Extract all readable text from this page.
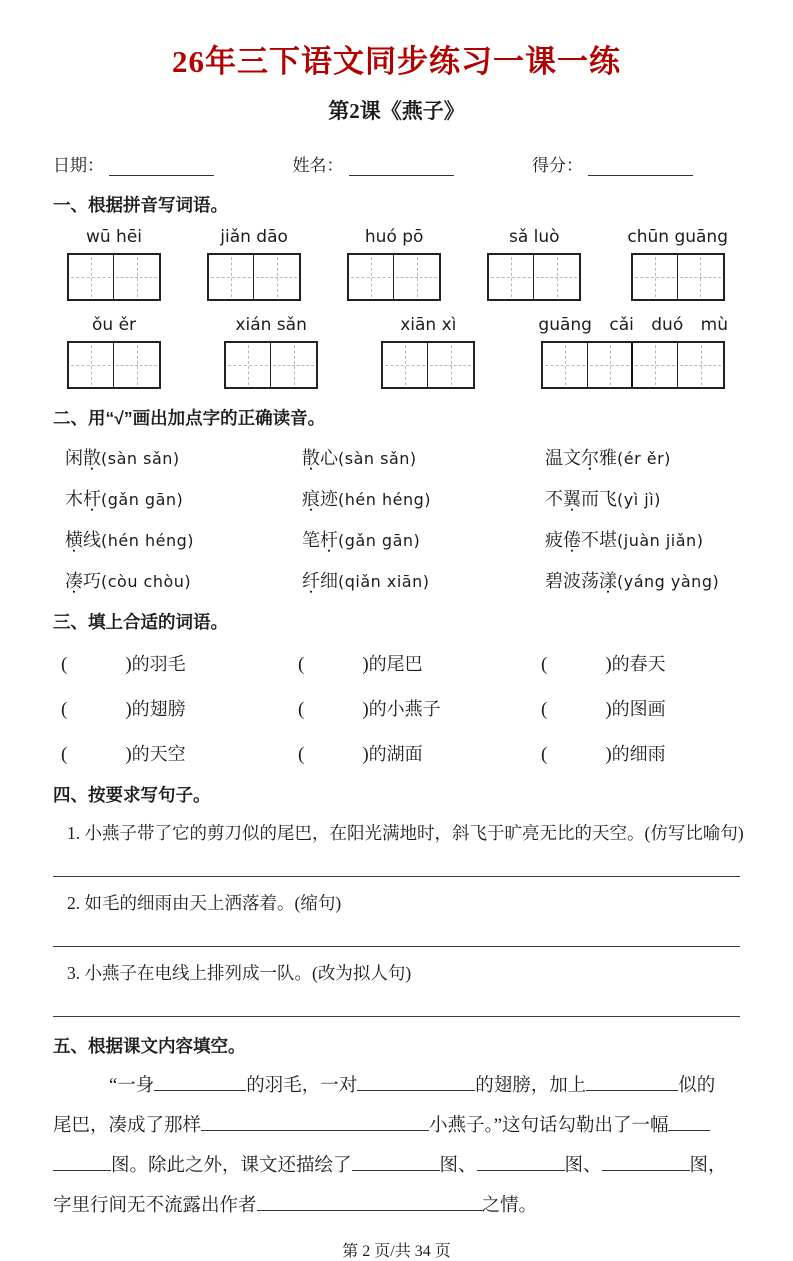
26年三下语文同步练习一课一练
第2课《燕子》
日期：	姓名：	得分：
一、根据拼音写词语。
wū hēi	jiǎn dāo	huó pō	sǎ luò	chūn guāng
ǒu ěr	xián sǎn	xiān xì	guāng cǎi duó mù
二、用“√”画出加点字的正确读音。
闲散(sàn sǎn)	散心(sàn sǎn)	温文尔雅(ér ěr)
木杆(gǎn gān)	痕迹(hén héng)	不翼而飞(yì jì)
横线(hén héng)	笔杆(gǎn gān)	疲倦不堪(juàn jiǎn)
凑巧(còu chòu)	纤细(qiǎn xiān)	碧波荡漾(yáng yàng)
三、填上合适的词语。
(	)的羽毛	(	)的尾巴	(	)的春天
(	)的翅膀	(	)的小燕子	(	)的图画
(	)的天空	(	)的湖面	(	)的细雨
四、按要求写句子。
1. 小燕子带了它的剪刀似的尾巴，在阳光满地时，斜飞于旷亮无比的天空。(仿写比喻句)
2. 如毛的细雨由天上洒落着。(缩句)
3. 小燕子在电线上排列成一队。(改为拟人句)
五、根据课文内容填空。
“一身	的羽毛，一对	的翅膀，加上	似的
尾巴，凑成了那样	小燕子。”这句话勾勒出了一幅
图。除此之外，课文还描绘了	图、	图、	图，
字里行间无不流露出作者	之情。
第 2 页/共 34 页
